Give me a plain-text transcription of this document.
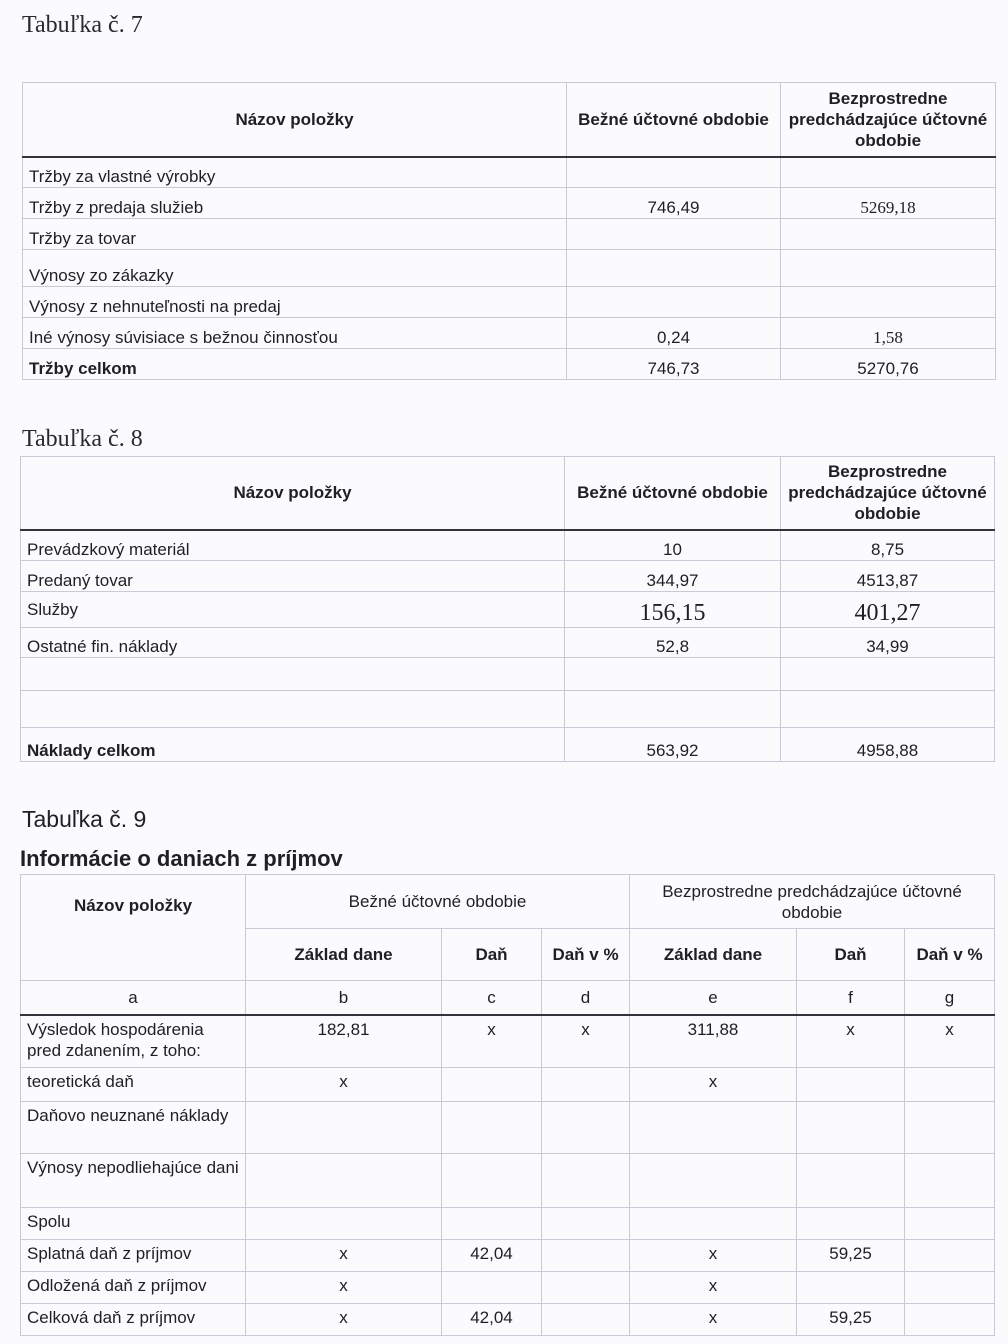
Tabuľka č. 7
Názov položky	Bežné účtovné obdobie	Bezprostredne predchádzajúce účtovné obdobie
Tržby za vlastné výrobky		
Tržby z predaja služieb	746,49	5269,18
Tržby za tovar		
Výnosy zo zákazky		
Výnosy z nehnuteľnosti na predaj		
Iné výnosy súvisiace s bežnou činnosťou	0,24	1,58
Tržby celkom	746,73	5270,76
Tabuľka č. 8
Názov položky	Bežné účtovné obdobie	Bezprostredne predchádzajúce účtovné obdobie
Prevádzkový materiál	10	8,75
Predaný tovar	344,97	4513,87
Služby	156,15	401,27
Ostatné fin. náklady	52,8	34,99

Náklady celkom	563,92	4958,88
Tabuľka č. 9
Informácie o daniach z príjmov
Názov položky	Bežné účtovné obdobie			Bezprostredne predchádzajúce účtovné obdobie		
	Základ dane	Daň	Daň v %	Základ dane	Daň	Daň v %
a	b	c	d	e	f	g
Výsledok hospodárenia pred zdanením, z toho:	182,81	x	x	311,88	x	x
teoretická daň	x			x		
Daňovo neuznané náklady						
Výnosy nepodliehajúce dani						
Spolu						
Splatná daň z príjmov	x	42,04		x	59,25	
Odložená daň z príjmov	x			x		
Celková daň z príjmov	x	42,04		x	59,25	
